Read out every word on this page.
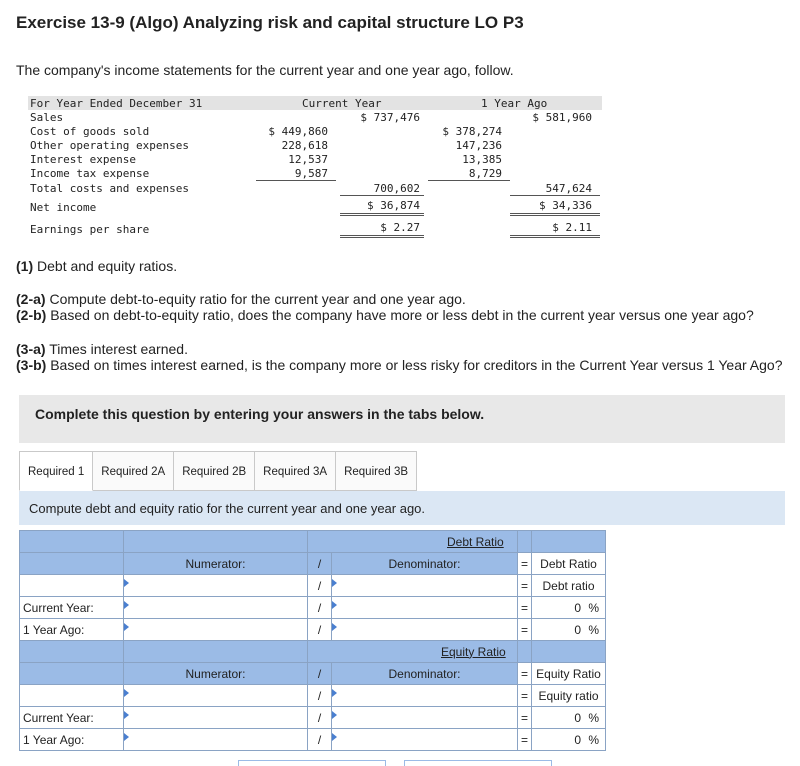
Exercise 13-9 (Algo) Analyzing risk and capital structure LO P3
The company's income statements for the current year and one year ago, follow.
For Year Ended December 31	Current Year	1 Year Ago
Sales	$ 737,476	$ 581,960
Cost of goods sold	$ 449,860	$ 378,274
Other operating expenses	228,618	147,236
Interest expense	12,537	13,385
Income tax expense	9,587	8,729
Total costs and expenses	700,602	547,624
Net income	$ 36,874	$ 34,336
Earnings per share	$ 2.27	$ 2.11
(1) Debt and equity ratios.
(2-a) Compute debt-to-equity ratio for the current year and one year ago.
(2-b) Based on debt-to-equity ratio, does the company have more or less debt in the current year versus one year ago?
(3-a) Times interest earned.
(3-b) Based on times interest earned, is the company more or less risky for creditors in the Current Year versus 1 Year Ago?
Complete this question by entering your answers in the tabs below.
Required 1	Required 2A	Required 2B	Required 3A	Required 3B
Compute debt and equity ratio for the current year and one year ago.
		Debt Ratio			
	Numerator:	/	Denominator:	=	Debt Ratio

	/		=	Debt ratio
Current Year:		/		=	0 %
1 Year Ago:		/		=	0 %
		Equity Ratio			
	Numerator:	/	Denominator:	=	Equity Ratio

	/		=	Equity ratio
Current Year:		/		=	0 %
1 Year Ago:		/		=	0 %
